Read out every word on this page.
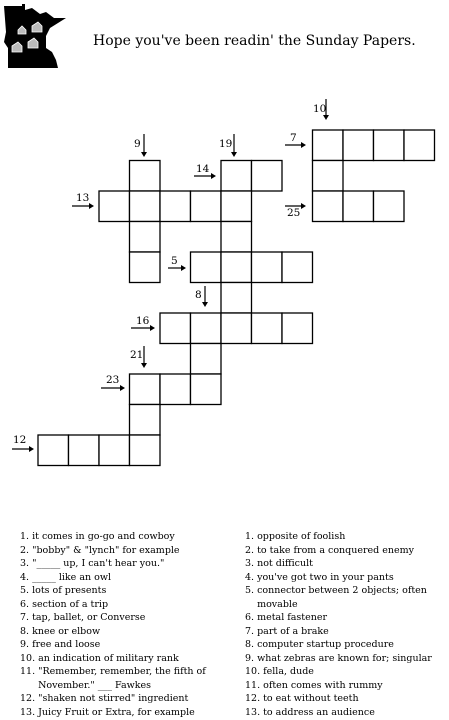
Hope you've been readin' the Sunday Papers.
10
9	19	7
14
13
25
5
8
16
21
23
12
1. it comes in go-go and cowboy
2. "bobby" & "lynch" for example
3. "_____ up, I can't hear you."
4. _____ like an owl
5. lots of presents
6. section of a trip
7. tap, ballet, or Converse
8. knee or elbow
9. free and loose
10. an indication of military rank
11. "Remember, remember, the fifth of November." ___ Fawkes
12. "shaken not stirred" ingredient
13. Juicy Fruit or Extra, for example
1. opposite of foolish
2. to take from a conquered enemy
3. not difficult
4. you've got two in your pants
5. connector between 2 objects; often movable
6. metal fastener
7. part of a brake
8. computer startup procedure
9. what zebras are known for; singular
10. fella, dude
11. often comes with rummy
12. to eat without teeth
13. to address an audience
